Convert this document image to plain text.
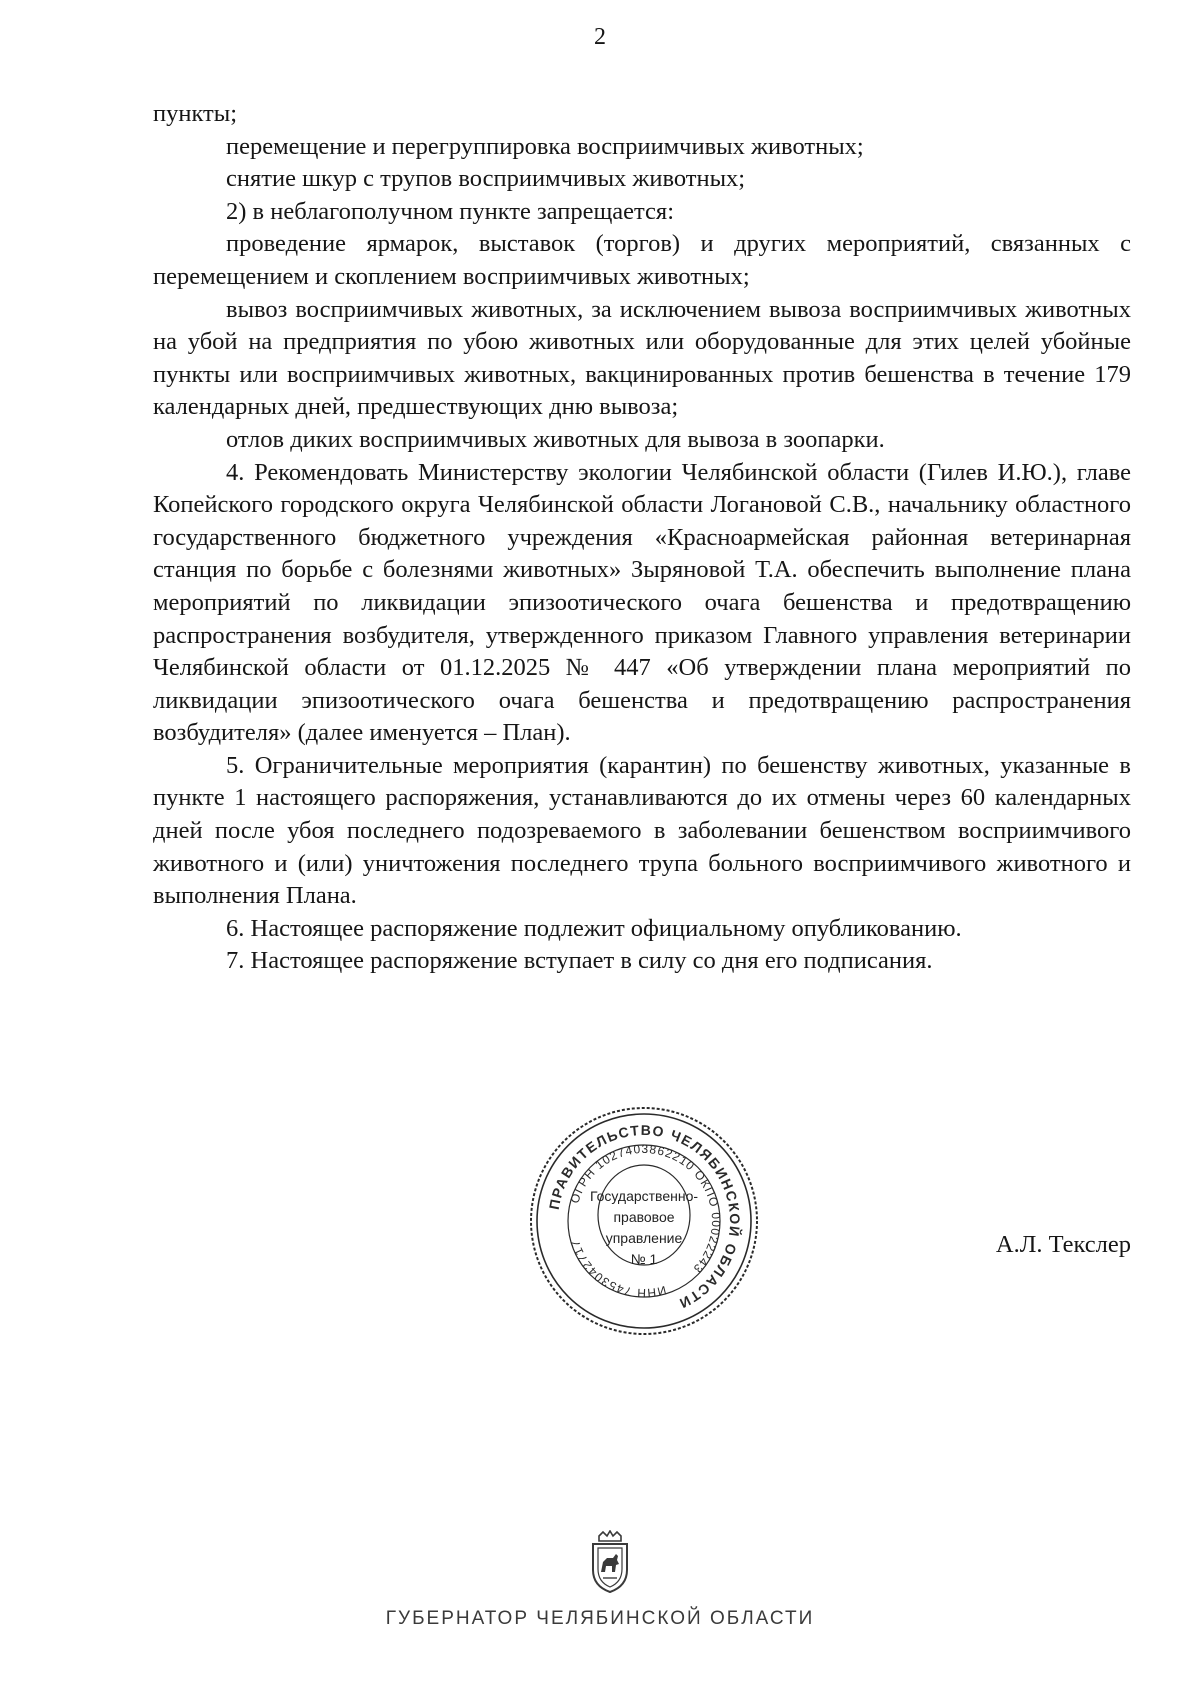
2

пункты;

перемещение и перегруппировка восприимчивых животных;

снятие шкур с трупов восприимчивых животных;

2) в неблагополучном пункте запрещается:

проведение ярмарок, выставок (торгов) и других мероприятий, связанных с перемещением и скоплением восприимчивых животных;

вывоз восприимчивых животных, за исключением вывоза восприимчивых животных на убой на предприятия по убою животных или оборудованные для этих целей убойные пункты или восприимчивых животных, вакцинированных против бешенства в течение 179 календарных дней, предшествующих дню вывоза;

отлов диких восприимчивых животных для вывоза в зоопарки.

4. Рекомендовать Министерству экологии Челябинской области (Гилев И.Ю.), главе Копейского городского округа Челябинской области Логановой С.В., начальнику областного государственного бюджетного учреждения «Красноармейская районная ветеринарная станция по борьбе с болезнями животных» Зыряновой Т.А. обеспечить выполнение плана мероприятий по ликвидации эпизоотического очага бешенства и предотвращению распространения возбудителя, утвержденного приказом Главного управления ветеринарии Челябинской области от 01.12.2025 № 447 «Об утверждении плана мероприятий по ликвидации эпизоотического очага бешенства и предотвращению распространения возбудителя» (далее именуется – План).

5. Ограничительные мероприятия (карантин) по бешенству животных, указанные в пункте 1 настоящего распоряжения, устанавливаются до их отмены через 60 календарных дней после убоя последнего подозреваемого в заболевании бешенством восприимчивого животного и (или) уничтожения последнего трупа больного восприимчивого животного и выполнения Плана.

6. Настоящее распоряжение подлежит официальному опубликованию.

7. Настоящее распоряжение вступает в силу со дня его подписания.

ПРАВИТЕЛЬСТВО ЧЕЛЯБИНСКОЙ ОБЛАСТИ
ОГРН 1027403862210
ОКПО 00022243
ИНН 7453042717
Государственно-
правовое
управление
№ 1
А.Л. Текслер
ГУБЕРНАТОР ЧЕЛЯБИНСКОЙ ОБЛАСТИ
